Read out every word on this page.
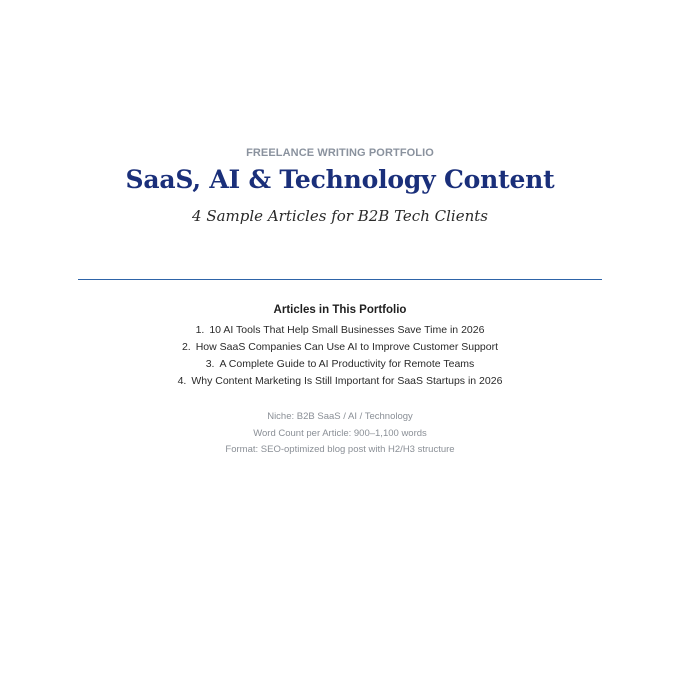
FREELANCE WRITING PORTFOLIO
SaaS, AI & Technology Content
4 Sample Articles for B2B Tech Clients
Articles in This Portfolio
1. 10 AI Tools That Help Small Businesses Save Time in 2026
2. How SaaS Companies Can Use AI to Improve Customer Support
3. A Complete Guide to AI Productivity for Remote Teams
4. Why Content Marketing Is Still Important for SaaS Startups in 2026
Niche: B2B SaaS / AI / Technology
Word Count per Article: 900–1,100 words
Format: SEO-optimized blog post with H2/H3 structure
